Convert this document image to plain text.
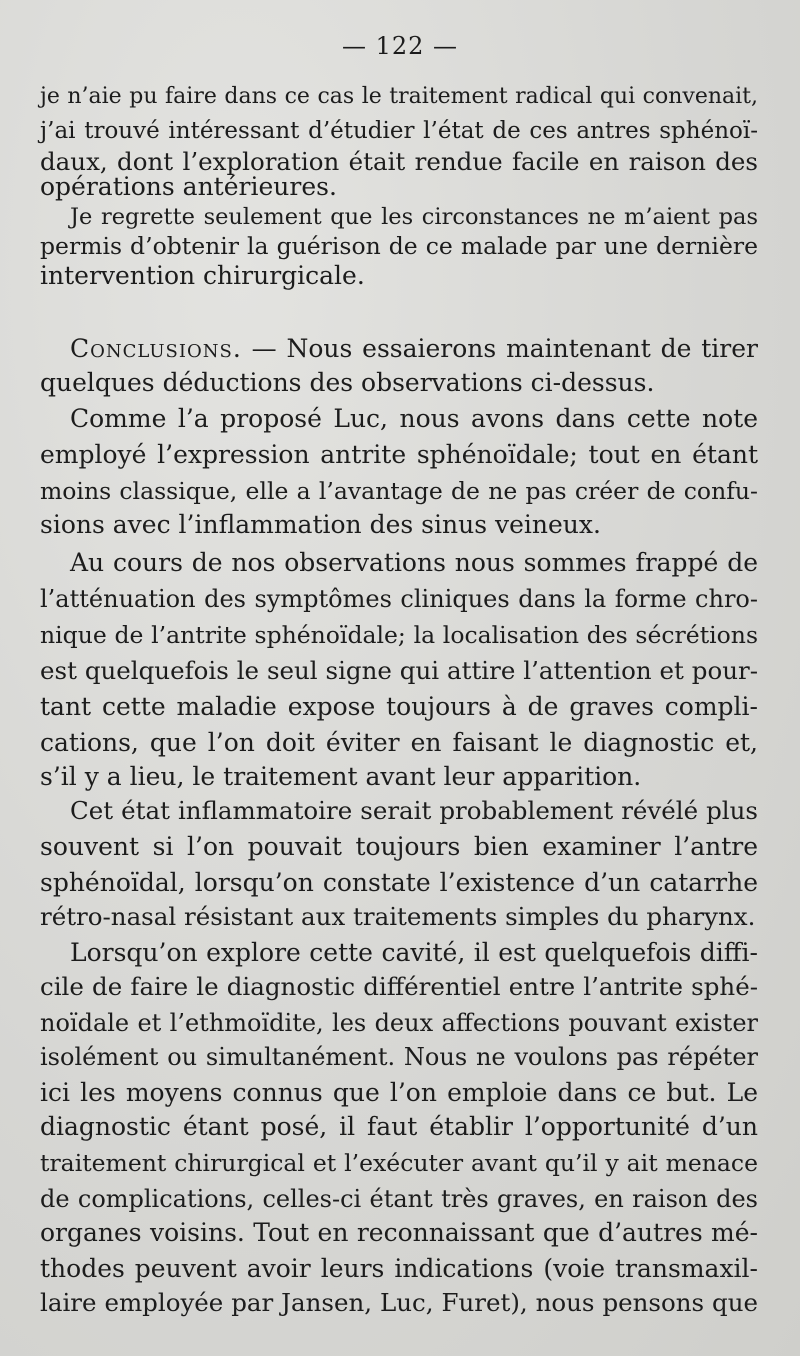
— 122 —
je n’aie pu faire dans ce cas le traitement radical qui convenait,
j’ai trouvé intéressant d’étudier l’état de ces antres sphénoï-
daux, dont l’exploration était rendue facile en raison des
opérations antérieures.
Je regrette seulement que les circonstances ne m’aient pas
permis d’obtenir la guérison de ce malade par une dernière
intervention chirurgicale.
Conclusions. — Nous essaierons maintenant de tirer
quelques déductions des observations ci-dessus.
Comme l’a proposé Luc, nous avons dans cette note
employé l’expression antrite sphénoïdale; tout en étant
moins classique, elle a l’avantage de ne pas créer de confu-
sions avec l’inflammation des sinus veineux.
Au cours de nos observations nous sommes frappé de
l’atténuation des symptômes cliniques dans la forme chro-
nique de l’antrite sphénoïdale; la localisation des sécrétions
est quelquefois le seul signe qui attire l’attention et pour-
tant cette maladie expose toujours à de graves compli-
cations, que l’on doit éviter en faisant le diagnostic et,
s’il y a lieu, le traitement avant leur apparition.
Cet état inflammatoire serait probablement révélé plus
souvent si l’on pouvait toujours bien examiner l’antre
sphénoïdal, lorsqu’on constate l’existence d’un catarrhe
rétro-nasal résistant aux traitements simples du pharynx.
Lorsqu’on explore cette cavité, il est quelquefois diffi-
cile de faire le diagnostic différentiel entre l’antrite sphé-
noïdale et l’ethmoïdite, les deux affections pouvant exister
isolément ou simultanément. Nous ne voulons pas répéter
ici les moyens connus que l’on emploie dans ce but. Le
diagnostic étant posé, il faut établir l’opportunité d’un
traitement chirurgical et l’exécuter avant qu’il y ait menace
de complications, celles-ci étant très graves, en raison des
organes voisins. Tout en reconnaissant que d’autres mé-
thodes peuvent avoir leurs indications (voie transmaxil-
laire employée par Jansen, Luc, Furet), nous pensons que
